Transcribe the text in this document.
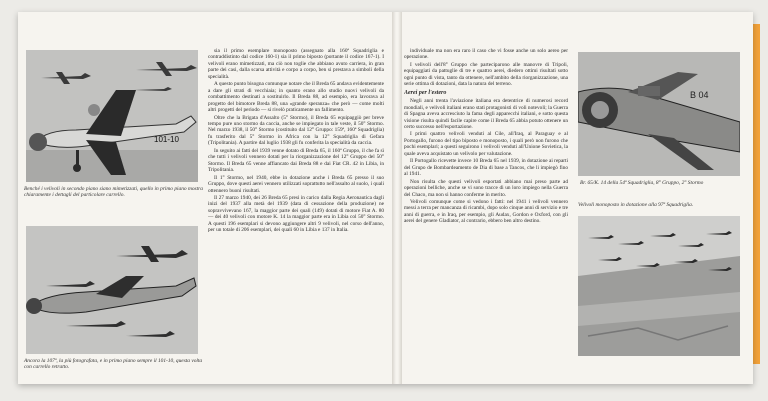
101-10

Benché i velivoli in secondo piano siano mimetizzati, quello in primo piano mostra chiaramente i dettagli del particolare carrello.

Ancora la 107ª, la più fotografata, e in primo piano sempre il 101-10, questa volta con carrello retratto.

sia il primo esemplare monoposto (assegnato alla 160ª Squadriglia e contraddistinto dal codice 160-1) sia il primo biposto (portante il codice 167-1). I velivoli erano mimetizzati, ma ciò non toglie che abbiano avuto carriera, in gran parte dei casi, dalla scarsa attività e corpo a corpo, ben si prestava a simboli della specialità.

A questo punto bisogna comunque notare che il Breda 65 andava evidentemente a dare gli strati di vecchiaia; in quanto erano allo studio nuovi velivoli da combattimento destinati a sostituirlo. Il Breda 88, ad esempio, era lavorava al progetto del bimotore Breda 88, una «grande speranza» che però — come molti altri progetti del periodo — si rivelò praticamente un fallimento.

Oltre che la Brigata d'Assalto (5° Stormo), il Breda 65 equipaggiò per breve tempo pure uno stormo da caccia, anche se impiegato in tale veste, il 50° Stormo. Nel marzo 1938, il 50° Stormo (costituito dal 12° Gruppo: 159ª, 160ª Squadriglia) fu trasferito dal 5° Stormo in Africa con la 12° Squadriglia di Gefara (Tripolitania). A partire dal luglio 1938 gli fu conferita la specialità da caccia.

In seguito ai fatti del 1939 venne dotato di Breda 65, il 160ª Gruppo, il che fa sì che tutti i velivoli vennero dotati per la riorganizzazione del 12° Gruppo del 50° Stormo. Il Breda 65 venne affiancato dai Breda 88 e dai Fiat CR. 42 in Libia, in Tripolitania.

Il 1° Stormo, nel 1940, ebbe in dotazione anche i Breda 65 presso il suo Gruppo, dove questi aerei vennero utilizzati soprattutto nell'assalto al suolo, i quali ottennero buoni risultati.

Il 27 marzo 1940, dei 26 Breda 65 presi in carico dalla Regia Aeronautica dagli inizi del 1937 alla metà del 1939 (data di cessazione della produzione) ne sopravvivevano 167, la maggior parte dei quali (149) dotati di motore Fiat A. 80 — dei 40 velivoli con motore K. 14 la maggior parte era in Libia col 50° Stormo. A questi 196 esemplari si devono aggiungere altri 9 velivoli, nel corso dell'anno, per un totale di 206 esemplari, dei quali 60 in Libia e 137 in Italia.

individuale ma non era raro il caso che vi fosse anche un solo aereo per operazione.

I velivoli dell'8° Gruppo che parteciparono alle manovre di Tripoli, equipaggiati da pattuglie di tre e quattro aerei, diedero ottimi risultati sotto ogni punto di vista, tanto da ottenere, nell'ambito della riorganizzazione, una serie ottima di dotazioni, data la natura del terreno.

Aerei per l'estero

Negli anni trenta l'aviazione italiana era detentrice di numerosi record mondiali, e velivoli italiani erano stati protagonisti di voli notevoli; la Guerra di Spagna aveva accresciuto la fama degli apparecchi italiani, e sotto questa visione risulta quindi facile capire come il Breda 65 abbia potuto ottenere un certo successo nell'esportazione.

I primi quattro velivoli venduti al Cile, all'Iraq, al Paraguay e al Portogallo, furono del tipo biposto e monoposto, i quali però non furono che pochi esemplari; a questi seguirono i velivoli venduti all'Unione Sovietica, la quale aveva acquistato un velivolo per valutazione.

Il Portogallo ricevette invece 10 Breda 65 nel 1939, in dotazione ai reparti del Grupo de Bombardeamento de Dia di base a Tancos, che li impiegò fino al 1941.

Non risulta che questi velivoli esportati abbiano mai preso parte ad operazioni belliche, anche se vi sono tracce di un loro impiego nella Guerra del Chaco, ma non si hanno conferme in merito.

Velivoli comunque come si vedono i fatti: nel 1941 i velivoli vennero messi a terra per mancanza di ricambi, dopo solo cinque anni di servizio e tre anni di guerra, e in Iraq, per esempio, gli Audax, Gordon e Oxford, con gli aerei del genere Gladiator, al contrario, ebbero ben altro destino.

B 04

Br. 65/K. 14 della 54ª Squadriglia, 8° Gruppo, 2° Stormo

Velivoli monoposto in dotazione alla 97ª Squadriglia.
